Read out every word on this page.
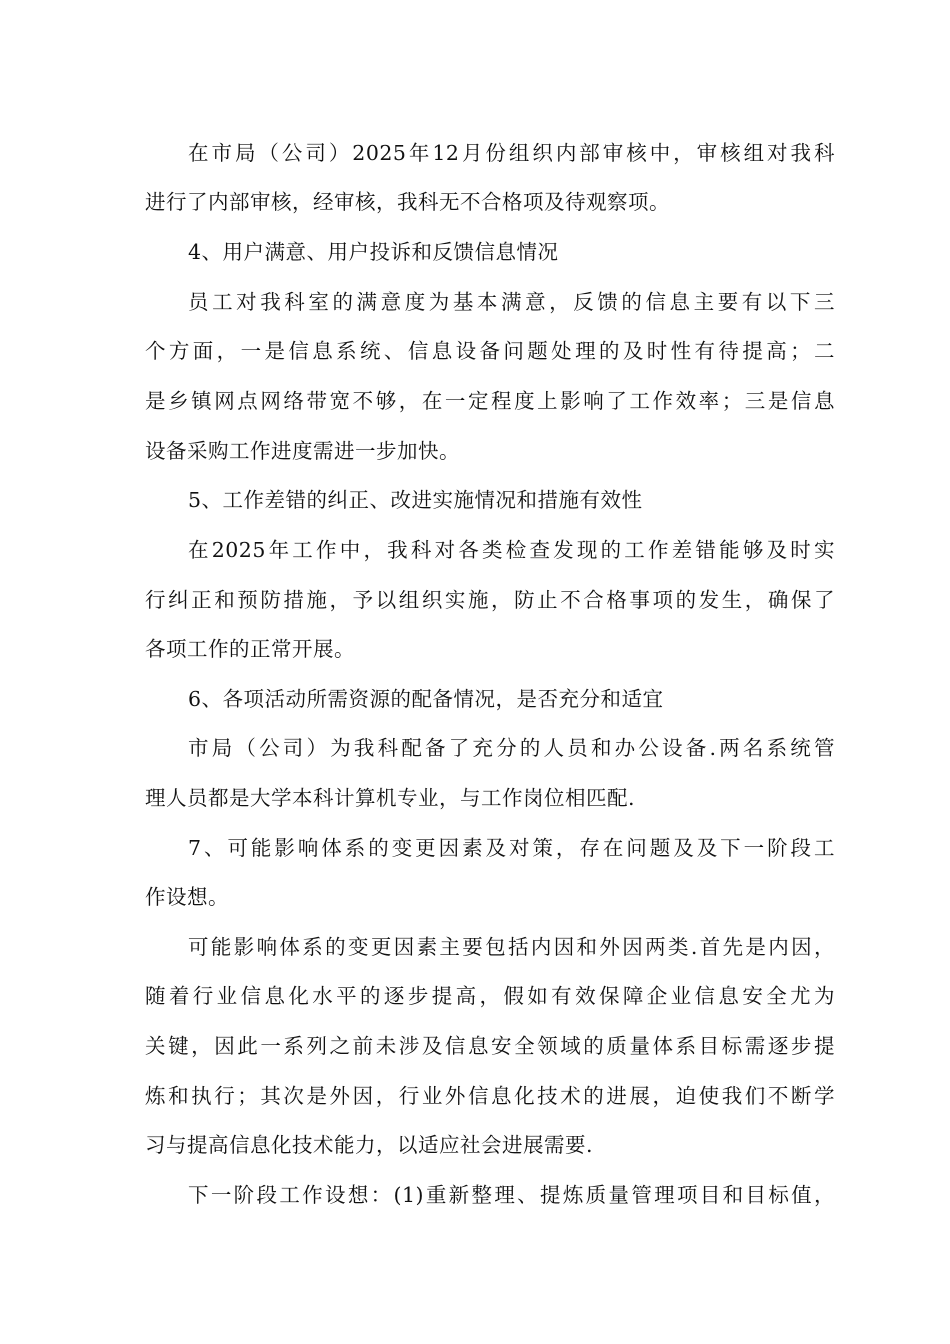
在市局（公司）2025年12月份组织内部审核中，审核组对我科
进行了内部审核，经审核，我科无不合格项及待观察项。
4、用户满意、用户投诉和反馈信息情况
员工对我科室的满意度为基本满意，反馈的信息主要有以下三
个方面，一是信息系统、信息设备问题处理的及时性有待提高；二
是乡镇网点网络带宽不够，在一定程度上影响了工作效率；三是信息
设备采购工作进度需进一步加快。
5、工作差错的纠正、改进实施情况和措施有效性
在2025年工作中，我科对各类检查发现的工作差错能够及时实
行纠正和预防措施，予以组织实施，防止不合格事项的发生，确保了
各项工作的正常开展。
6、各项活动所需资源的配备情况，是否充分和适宜
市局（公司）为我科配备了充分的人员和办公设备.两名系统管
理人员都是大学本科计算机专业，与工作岗位相匹配.
7、可能影响体系的变更因素及对策，存在问题及及下一阶段工
作设想。
可能影响体系的变更因素主要包括内因和外因两类.首先是内因，
随着行业信息化水平的逐步提高，假如有效保障企业信息安全尤为
关键，因此一系列之前未涉及信息安全领域的质量体系目标需逐步提
炼和执行；其次是外因，行业外信息化技术的进展，迫使我们不断学
习与提高信息化技术能力，以适应社会进展需要.
下一阶段工作设想：(1)重新整理、提炼质量管理项目和目标值，
